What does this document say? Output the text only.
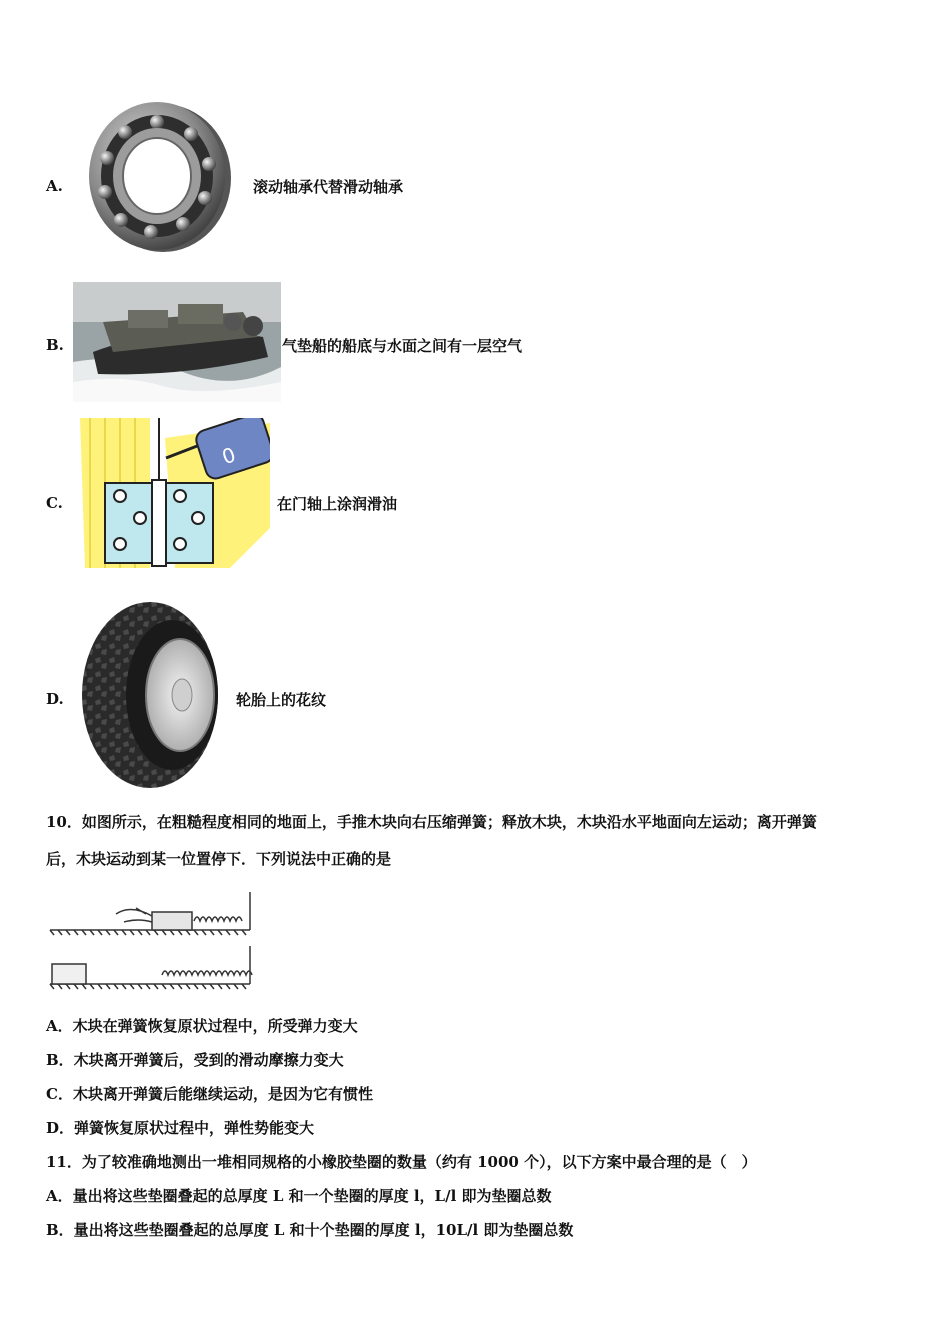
A.	滚动轴承代替滑动轴承
B.	气垫船的船底与水面之间有一层空气
C.
0
在门轴上涂润滑油
D.	轮胎上的花纹
10．如图所示，在粗糙程度相同的地面上，手推木块向右压缩弹簧；释放木块，木块沿水平地面向左运动；离开弹簧
后，木块运动到某一位置停下．下列说法中正确的是
A．木块在弹簧恢复原状过程中，所受弹力变大
B．木块离开弹簧后，受到的滑动摩擦力变大
C．木块离开弹簧后能继续运动，是因为它有惯性
D．弹簧恢复原状过程中，弹性势能变大
11．为了较准确地测出一堆相同规格的小橡胶垫圈的数量（约有 1000 个），以下方案中最合理的是（　）
A．量出将这些垫圈叠起的总厚度 L 和一个垫圈的厚度 l，L/l 即为垫圈总数
B．量出将这些垫圈叠起的总厚度 L 和十个垫圈的厚度 l，10L/l 即为垫圈总数
